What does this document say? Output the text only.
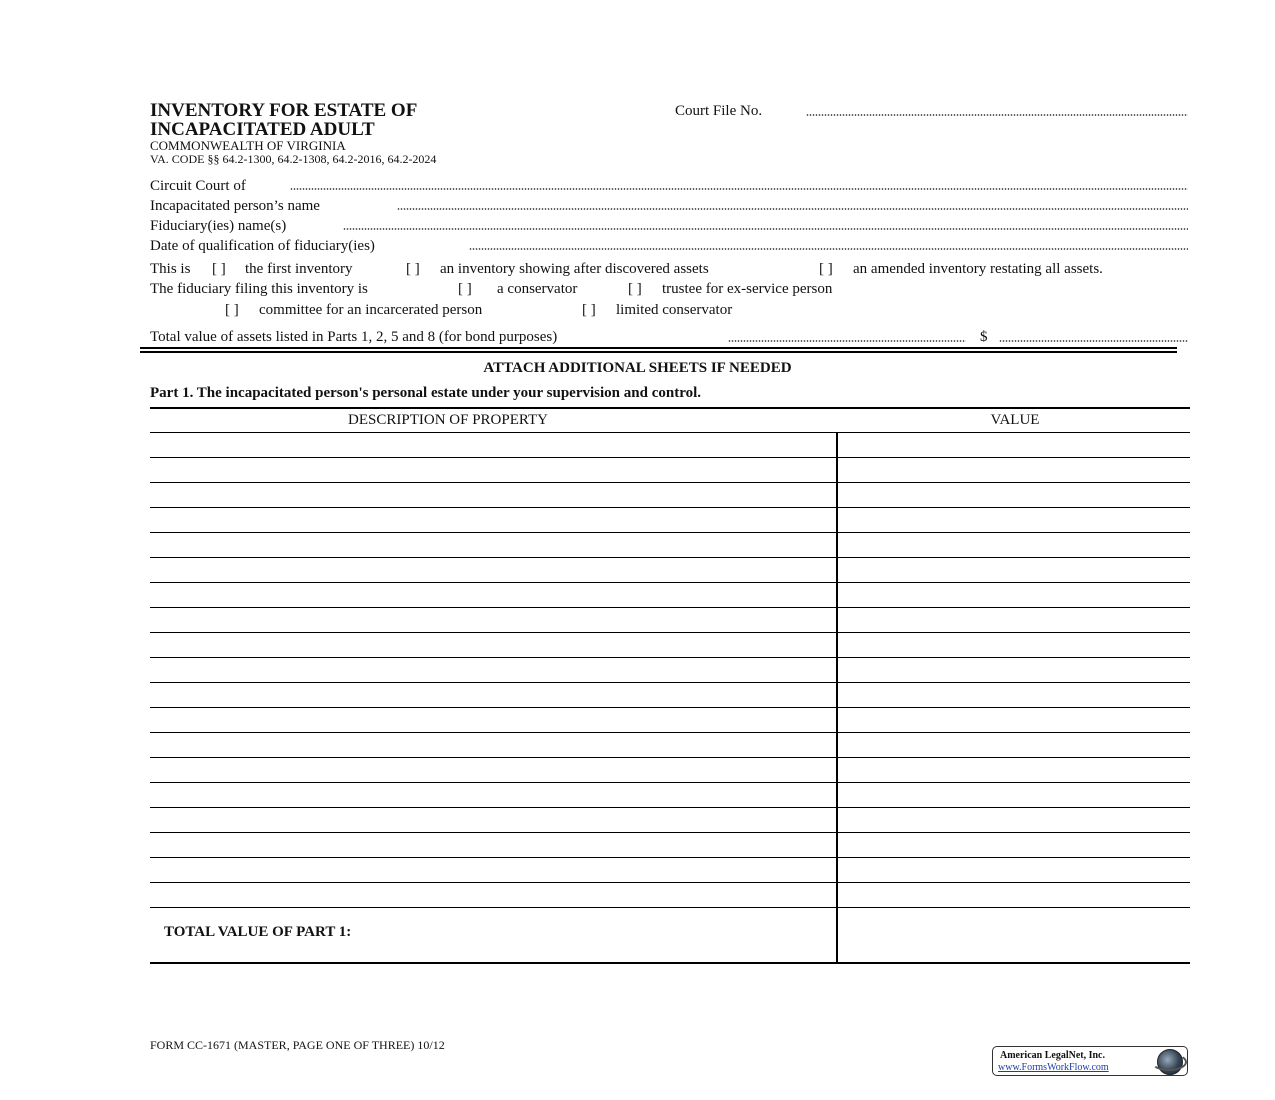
INVENTORY FOR ESTATE OF
INCAPACITATED ADULT
COMMONWEALTH OF VIRGINIA
VA. CODE §§ 64.2-1300, 64.2-1308, 64.2-2016, 64.2-2024
Court File No.
Circuit Court of
Incapacitated person’s name
Fiduciary(ies) name(s)
Date of qualification of fiduciary(ies)
This is [ ] the first inventory	[ ] an inventory showing after discovered assets	[ ] an amended inventory restating all assets.
The fiduciary filing this inventory is	[ ] a conservator	[ ] trustee for ex-service person
[ ] committee for an incarcerated person	[ ] limited conservator
Total value of assets listed in Parts 1, 2, 5 and 8 (for bond purposes)	$
ATTACH ADDITIONAL SHEETS IF NEEDED
Part 1. The incapacitated person's personal estate under your supervision and control.
DESCRIPTION OF PROPERTY	VALUE
TOTAL VALUE OF PART 1:
FORM CC-1671 (MASTER, PAGE ONE OF THREE) 10/12
American LegalNet, Inc.
www.FormsWorkFlow.com
